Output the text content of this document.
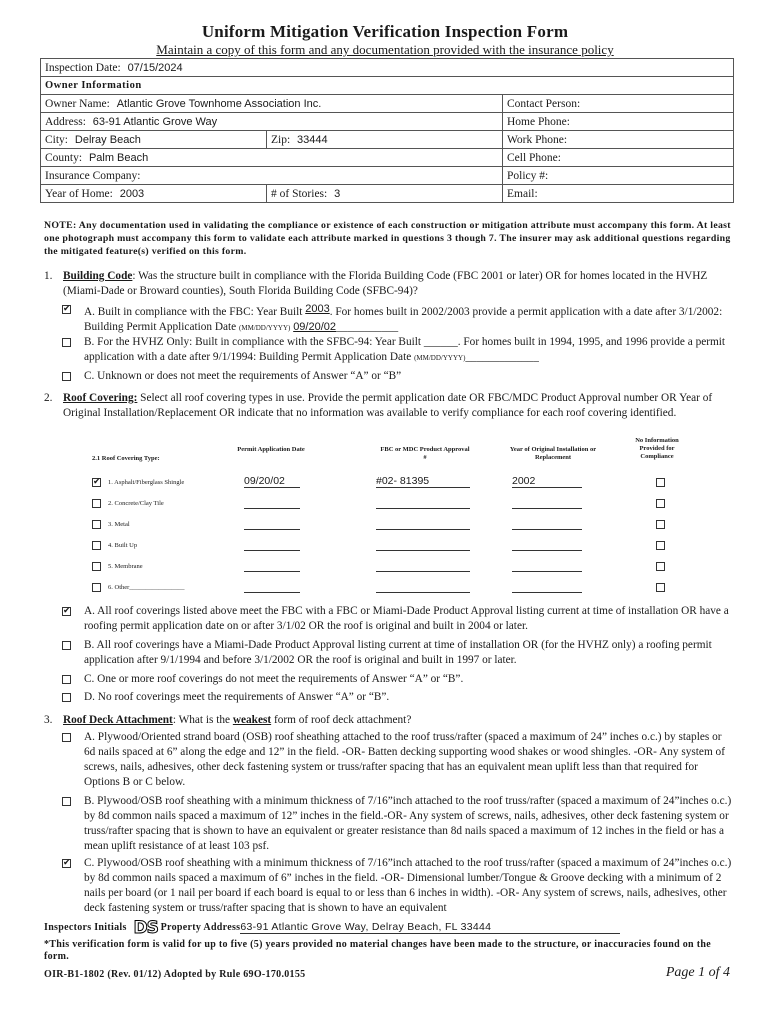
Uniform Mitigation Verification Inspection Form
Maintain a copy of this form and any documentation provided with the insurance policy
Inspection Date: 07/15/2024		
Owner Information		
Owner Name: Atlantic Grove Townhome Association Inc.		Contact Person:
Address: 63-91 Atlantic Grove Way		Home Phone:
City: Delray Beach	Zip: 33444	Work Phone:
County: Palm Beach		Cell Phone:
Insurance Company:		Policy #:
Year of Home: 2003	# of Stories: 3	Email:
NOTE: Any documentation used in validating the compliance or existence of each construction or mitigation attribute must accompany this form. At least one photograph must accompany this form to validate each attribute marked in questions 3 though 7. The insurer may ask additional questions regarding the mitigated feature(s) verified on this form.
1. Building Code: Was the structure built in compliance with the Florida Building Code (FBC 2001 or later) OR for homes located in the HVHZ (Miami-Dade or Broward counties), South Florida Building Code (SFBC-94)?
✔	A. Built in compliance with the FBC: Year Built 2003. For homes built in 2002/2003 provide a permit application with a date after 3/1/2002: Building Permit Application Date (MM/DD/YYYY) 09/20/02___________
B. For the HVHZ Only: Built in compliance with the SFBC-94: Year Built ______. For homes built in 1994, 1995, and 1996 provide a permit application with a date after 9/1/1994: Building Permit Application Date (MM/DD/YYYY)_____________
C. Unknown or does not meet the requirements of Answer “A” or “B”
2. Roof Covering: Select all roof covering types in use. Provide the permit application date OR FBC/MDC Product Approval number OR Year of Original Installation/Replacement OR indicate that no information was available to verify compliance for each roof covering identified.
2.1 Roof Covering Type:
Permit Application Date	FBC or MDC Product Approval #
Year of Original Installation or Replacement
No Information Provided for Compliance
✔ 1. Asphalt/Fiberglass Shingle	09/20/02	#02- 81395	2002
2. Concrete/Clay Tile
3. Metal
4. Built Up
5. Membrane
6. Other_________________
✔	A. All roof coverings listed above meet the FBC with a FBC or Miami-Dade Product Approval listing current at time of installation OR have a roofing permit application date on or after 3/1/02 OR the roof is original and built in 2004 or later.
B. All roof coverings have a Miami-Dade Product Approval listing current at time of installation OR (for the HVHZ only) a roofing permit application after 9/1/1994 and before 3/1/2002 OR the roof is original and built in 1997 or later.
C. One or more roof coverings do not meet the requirements of Answer “A” or “B”.
D. No roof coverings meet the requirements of Answer “A” or “B”.
3. Roof Deck Attachment: What is the weakest form of roof deck attachment?
A. Plywood/Oriented strand board (OSB) roof sheathing attached to the roof truss/rafter (spaced a maximum of 24” inches o.c.) by staples or 6d nails spaced at 6” along the edge and 12” in the field. -OR- Batten decking supporting wood shakes or wood shingles. -OR- Any system of screws, nails, adhesives, other deck fastening system or truss/rafter spacing that has an equivalent mean uplift less than that required for Options B or C below.
B. Plywood/OSB roof sheathing with a minimum thickness of 7/16”inch attached to the roof truss/rafter (spaced a maximum of 24”inches o.c.) by 8d common nails spaced a maximum of 12” inches in the field.-OR- Any system of screws, nails, adhesives, other deck fastening system or truss/rafter spacing that is shown to have an equivalent or greater resistance than 8d nails spaced a maximum of 12 inches in the field or has a mean uplift resistance of at least 103 psf.
✔	C. Plywood/OSB roof sheathing with a minimum thickness of 7/16”inch attached to the roof truss/rafter (spaced a maximum of 24”inches o.c.) by 8d common nails spaced a maximum of 6” inches in the field. -OR- Dimensional lumber/Tongue & Groove decking with a minimum of 2 nails per board (or 1 nail per board if each board is equal to or less than 6 inches in width). -OR- Any system of screws, nails, adhesives, other deck fastening system or truss/rafter spacing that is shown to have an equivalent
Inspectors Initials DS Property Address63-91 Atlantic Grove Way, Delray Beach, FL 33444
*This verification form is valid for up to five (5) years provided no material changes have been made to the structure, or inaccuracies found on the form.
OIR-B1-1802 (Rev. 01/12) Adopted by Rule 69O-170.0155	Page 1 of 4
